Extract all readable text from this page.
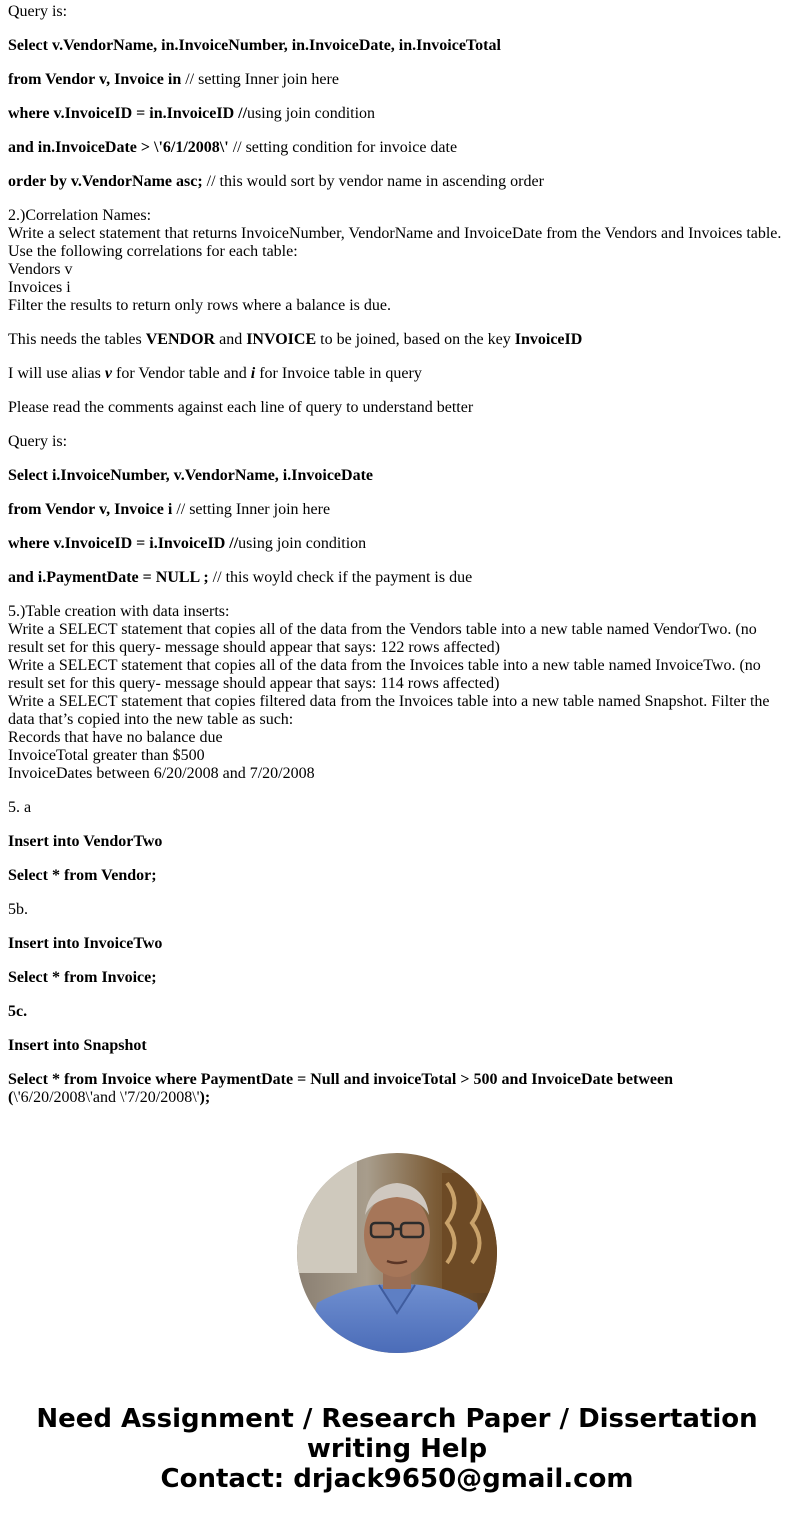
Query is:

Select v.VendorName, in.InvoiceNumber, in.InvoiceDate, in.InvoiceTotal

from Vendor v, Invoice in // setting Inner join here

where v.InvoiceID = in.InvoiceID //using join condition

and in.InvoiceDate > \'6/1/2008\' // setting condition for invoice date

order by v.VendorName asc; // this would sort by vendor name in ascending order

2.)Correlation Names:
Write a select statement that returns InvoiceNumber, VendorName and InvoiceDate from the Vendors and Invoices table.
Use the following correlations for each table:
Vendors v
Invoices i
Filter the results to return only rows where a balance is due.

This needs the tables VENDOR and INVOICE to be joined, based on the key InvoiceID

I will use alias v for Vendor table and i for Invoice table in query

Please read the comments against each line of query to understand better

Query is:

Select i.InvoiceNumber, v.VendorName, i.InvoiceDate

from Vendor v, Invoice i // setting Inner join here

where v.InvoiceID = i.InvoiceID //using join condition

and i.PaymentDate = NULL ; // this woyld check if the payment is due

5.)Table creation with data inserts:
Write a SELECT statement that copies all of the data from the Vendors table into a new table named VendorTwo. (no result set for this query- message should appear that says: 122 rows affected)
Write a SELECT statement that copies all of the data from the Invoices table into a new table named InvoiceTwo. (no result set for this query- message should appear that says: 114 rows affected)
Write a SELECT statement that copies filtered data from the Invoices table into a new table named Snapshot. Filter the data that’s copied into the new table as such:
Records that have no balance due
InvoiceTotal greater than $500
InvoiceDates between 6/20/2008 and 7/20/2008

5. a

Insert into VendorTwo

Select * from Vendor;

5b.

Insert into InvoiceTwo

Select * from Invoice;

5c.

Insert into Snapshot

Select * from Invoice where PaymentDate = Null and invoiceTotal > 500 and InvoiceDate between
(\'6/20/2008\'and \'7/20/2008\');

Need Assignment / Research Paper / Dissertation
writing Help
Contact: drjack9650@gmail.com
